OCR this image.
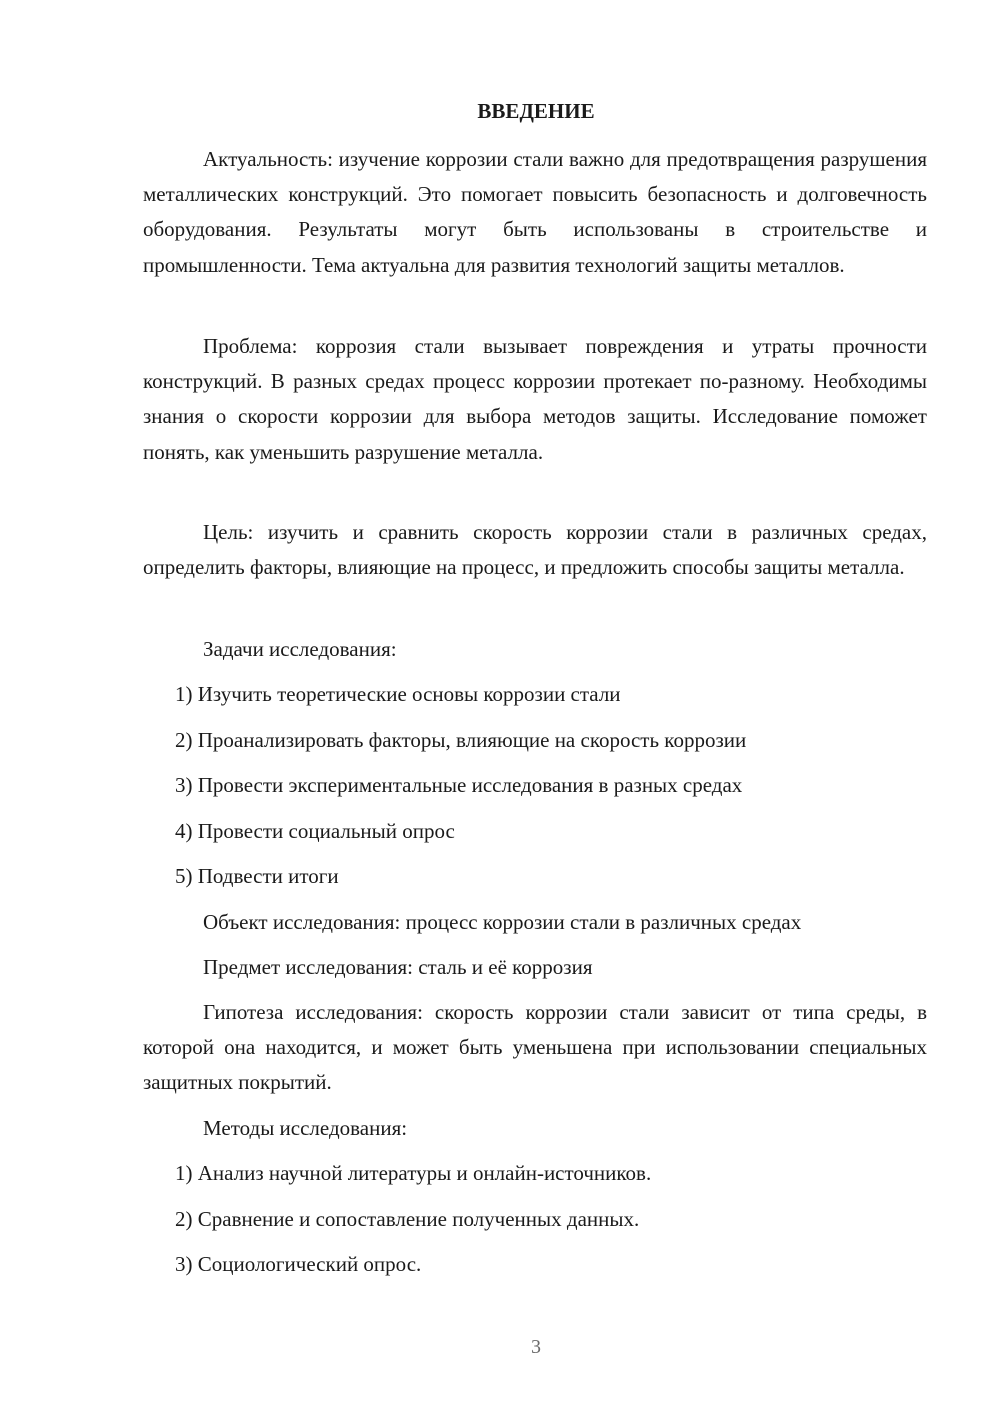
ВВЕДЕНИЕ

Актуальность: изучение коррозии стали важно для предотвращения разрушения металлических конструкций. Это помогает повысить безопасность и долговечность оборудования. Результаты могут быть использованы в строительстве и промышленности. Тема актуальна для развития технологий защиты металлов.

Проблема: коррозия стали вызывает повреждения и утраты прочности конструкций. В разных средах процесс коррозии протекает по-разному. Необходимы знания о скорости коррозии для выбора методов защиты. Исследование поможет понять, как уменьшить разрушение металла.

Цель: изучить и сравнить скорость коррозии стали в различных средах, определить факторы, влияющие на процесс, и предложить способы защиты металла.

Задачи исследования:
1) Изучить теоретические основы коррозии стали
2) Проанализировать факторы, влияющие на скорость коррозии
3) Провести экспериментальные исследования в разных средах
4) Провести социальный опрос
5) Подвести итоги
Объект исследования: процесс коррозии стали в различных средах
Предмет исследования: сталь и её коррозия

Гипотеза исследования: скорость коррозии стали зависит от типа среды, в которой она находится, и может быть уменьшена при использовании специальных защитных покрытий.

Методы исследования:
1) Анализ научной литературы и онлайн-источников.
2) Сравнение и сопоставление полученных данных.
3) Социологический опрос.
3
